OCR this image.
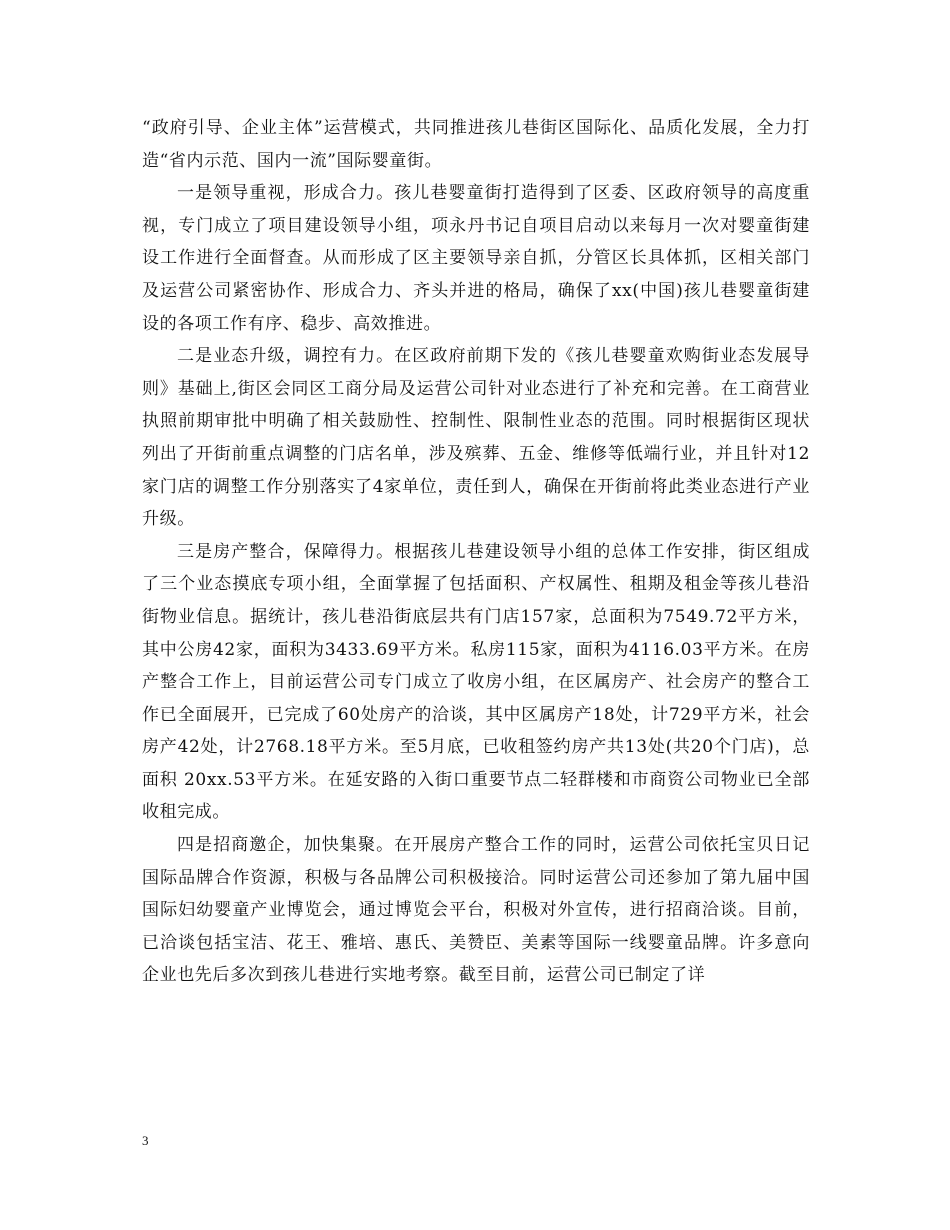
“政府引导、企业主体”运营模式，共同推进孩儿巷街区国际化、品质化发展，全力打造“省内示范、国内一流”国际婴童街。

一是领导重视，形成合力。孩儿巷婴童街打造得到了区委、区政府领导的高度重视，专门成立了项目建设领导小组，项永丹书记自项目启动以来每月一次对婴童街建设工作进行全面督查。从而形成了区主要领导亲自抓，分管区长具体抓，区相关部门及运营公司紧密协作、形成合力、齐头并进的格局，确保了xx(中国)孩儿巷婴童街建设的各项工作有序、稳步、高效推进。

二是业态升级，调控有力。在区政府前期下发的《孩儿巷婴童欢购街业态发展导则》基础上,街区会同区工商分局及运营公司针对业态进行了补充和完善。在工商营业执照前期审批中明确了相关鼓励性、控制性、限制性业态的范围。同时根据街区现状列出了开街前重点调整的门店名单，涉及殡葬、五金、维修等低端行业，并且针对12家门店的调整工作分别落实了4家单位，责任到人，确保在开街前将此类业态进行产业升级。

三是房产整合，保障得力。根据孩儿巷建设领导小组的总体工作安排，街区组成了三个业态摸底专项小组，全面掌握了包括面积、产权属性、租期及租金等孩儿巷沿街物业信息。据统计，孩儿巷沿街底层共有门店157家，总面积为7549.72平方米，其中公房42家，面积为3433.69平方米。私房115家，面积为4116.03平方米。在房产整合工作上，目前运营公司专门成立了收房小组，在区属房产、社会房产的整合工作已全面展开，已完成了60处房产的洽谈，其中区属房产18处，计729平方米，社会房产42处，计2768.18平方米。至5月底，已收租签约房产共13处(共20个门店)，总面积 20xx.53平方米。在延安路的入街口重要节点二轻群楼和市商资公司物业已全部收租完成。

四是招商邀企，加快集聚。在开展房产整合工作的同时，运营公司依托宝贝日记国际品牌合作资源，积极与各品牌公司积极接洽。同时运营公司还参加了第九届中国国际妇幼婴童产业博览会，通过博览会平台，积极对外宣传，进行招商洽谈。目前，已洽谈包括宝洁、花王、雅培、惠氏、美赞臣、美素等国际一线婴童品牌。许多意向企业也先后多次到孩儿巷进行实地考察。截至目前，运营公司已制定了详

3
